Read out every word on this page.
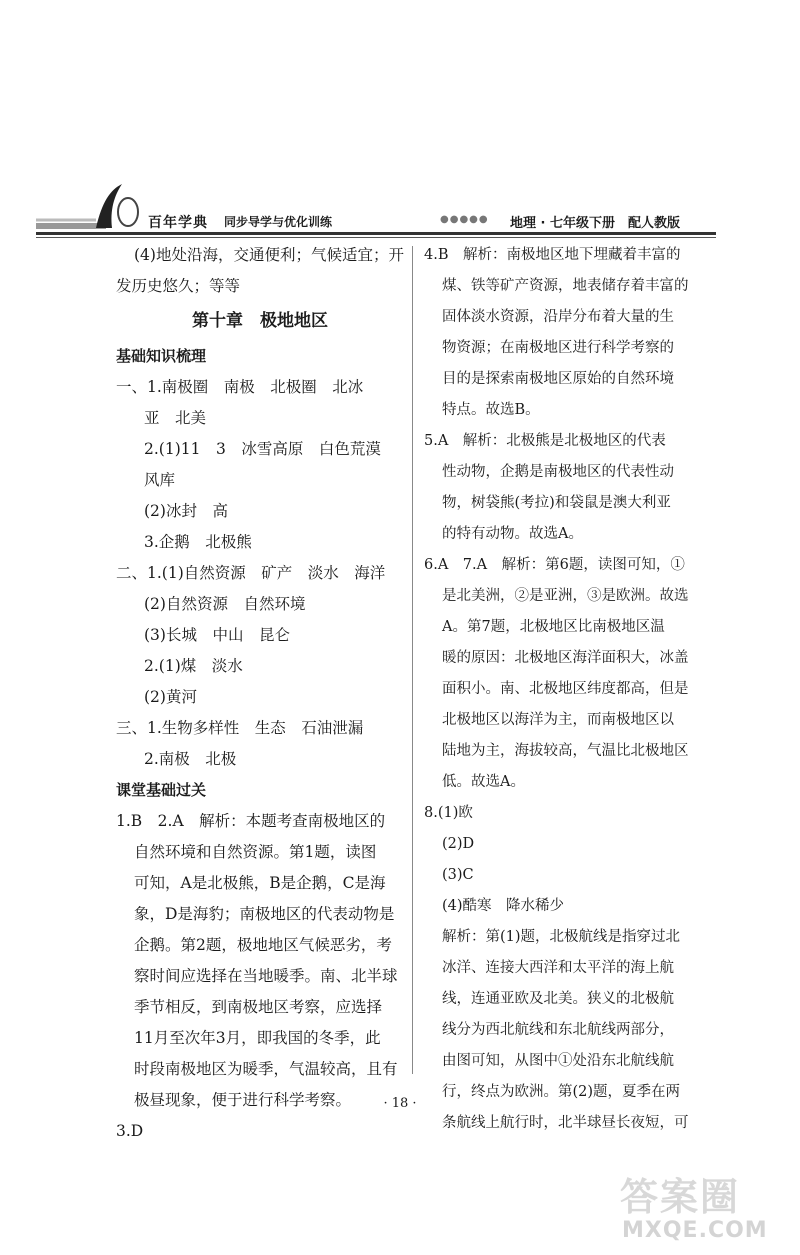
百年学典 同步导学与优化训练	●●●●● 地理 · 七年级下册　配人教版
(4)地处沿海，交通便利；气候适宜；开
发历史悠久；等等
第十章　极地地区
基础知识梳理
一、1.南极圈　南极　北极圈　北冰
亚　北美
2.(1)11　3　冰雪高原　白色荒漠
风库
(2)冰封　高
3.企鹅　北极熊
二、1.(1)自然资源　矿产　淡水　海洋
(2)自然资源　自然环境
(3)长城　中山　昆仑
2.(1)煤　淡水
(2)黄河
三、1.生物多样性　生态　石油泄漏
2.南极　北极
课堂基础过关
1.B　2.A　解析：本题考查南极地区的
自然环境和自然资源。第1题，读图
可知，A是北极熊，B是企鹅，C是海
象，D是海豹；南极地区的代表动物是
企鹅。第2题，极地地区气候恶劣，考
察时间应选择在当地暖季。南、北半球
季节相反，到南极地区考察，应选择
11月至次年3月，即我国的冬季，此
时段南极地区为暖季，气温较高，且有
极昼现象，便于进行科学考察。
3.D
4.B　解析：南极地区地下埋藏着丰富的
煤、铁等矿产资源，地表储存着丰富的
固体淡水资源，沿岸分布着大量的生
物资源；在南极地区进行科学考察的
目的是探索南极地区原始的自然环境
特点。故选B。
5.A　解析：北极熊是北极地区的代表
性动物，企鹅是南极地区的代表性动
物，树袋熊(考拉)和袋鼠是澳大利亚
的特有动物。故选A。
6.A　7.A　解析：第6题，读图可知，①
是北美洲，②是亚洲，③是欧洲。故选
A。第7题，北极地区比南极地区温
暖的原因：北极地区海洋面积大，冰盖
面积小。南、北极地区纬度都高，但是
北极地区以海洋为主，而南极地区以
陆地为主，海拔较高，气温比北极地区
低。故选A。
8.(1)欧
(2)D
(3)C
(4)酷寒　降水稀少
解析：第(1)题，北极航线是指穿过北
冰洋、连接大西洋和太平洋的海上航
线，连通亚欧及北美。狭义的北极航
线分为西北航线和东北航线两部分，
由图可知，从图中①处沿东北航线航
行，终点为欧洲。第(2)题，夏季在两
条航线上航行时，北半球昼长夜短，可
· 18 ·
答案圈
MXQE.COM
